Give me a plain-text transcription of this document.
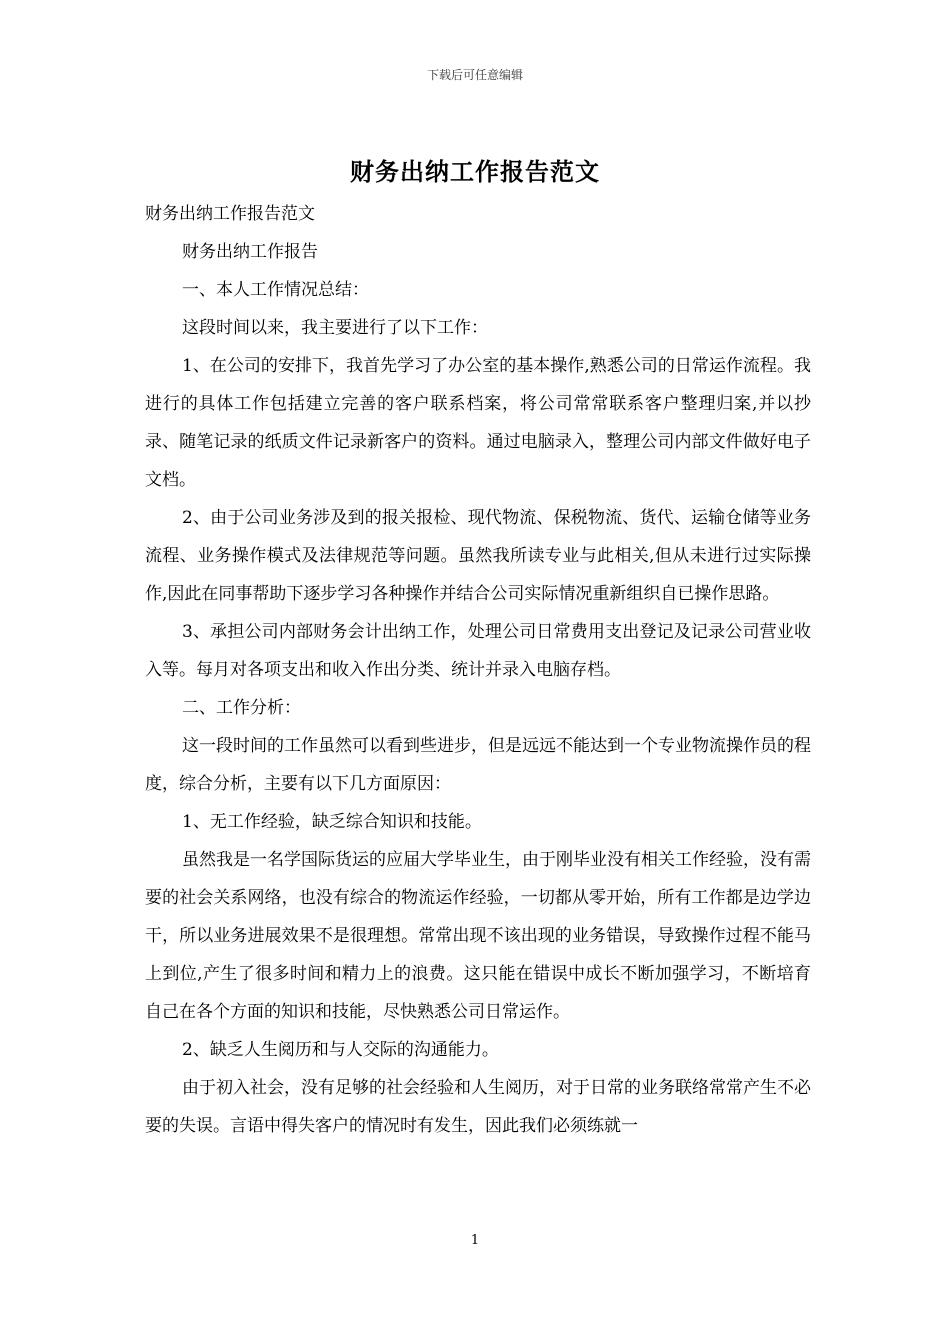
下载后可任意编辑
财务出纳工作报告范文

财务出纳工作报告范文

财务出纳工作报告

一、本人工作情况总结：

这段时间以来，我主要进行了以下工作：

1、在公司的安排下，我首先学习了办公室的基本操作,熟悉公司的日常运作流程。我进行的具体工作包括建立完善的客户联系档案，将公司常常联系客户整理归案,并以抄录、随笔记录的纸质文件记录新客户的资料。通过电脑录入，整理公司内部文件做好电子文档。

2、由于公司业务涉及到的报关报检、现代物流、保税物流、货代、运输仓储等业务流程、业务操作模式及法律规范等问题。虽然我所读专业与此相关,但从未进行过实际操作,因此在同事帮助下逐步学习各种操作并结合公司实际情况重新组织自已操作思路。

3、承担公司内部财务会计出纳工作，处理公司日常费用支出登记及记录公司营业收入等。每月对各项支出和收入作出分类、统计并录入电脑存档。

二、工作分析：

这一段时间的工作虽然可以看到些进步，但是远远不能达到一个专业物流操作员的程度，综合分析，主要有以下几方面原因：

1、无工作经验，缺乏综合知识和技能。

虽然我是一名学国际货运的应届大学毕业生，由于刚毕业没有相关工作经验，没有需要的社会关系网络，也没有综合的物流运作经验，一切都从零开始，所有工作都是边学边干，所以业务进展效果不是很理想。常常出现不该出现的业务错误，导致操作过程不能马上到位,产生了很多时间和精力上的浪费。这只能在错误中成长不断加强学习，不断培育自己在各个方面的知识和技能，尽快熟悉公司日常运作。

2、缺乏人生阅历和与人交际的沟通能力。

由于初入社会，没有足够的社会经验和人生阅历，对于日常的业务联络常常产生不必要的失误。言语中得失客户的情况时有发生，因此我们必须练就一

1
